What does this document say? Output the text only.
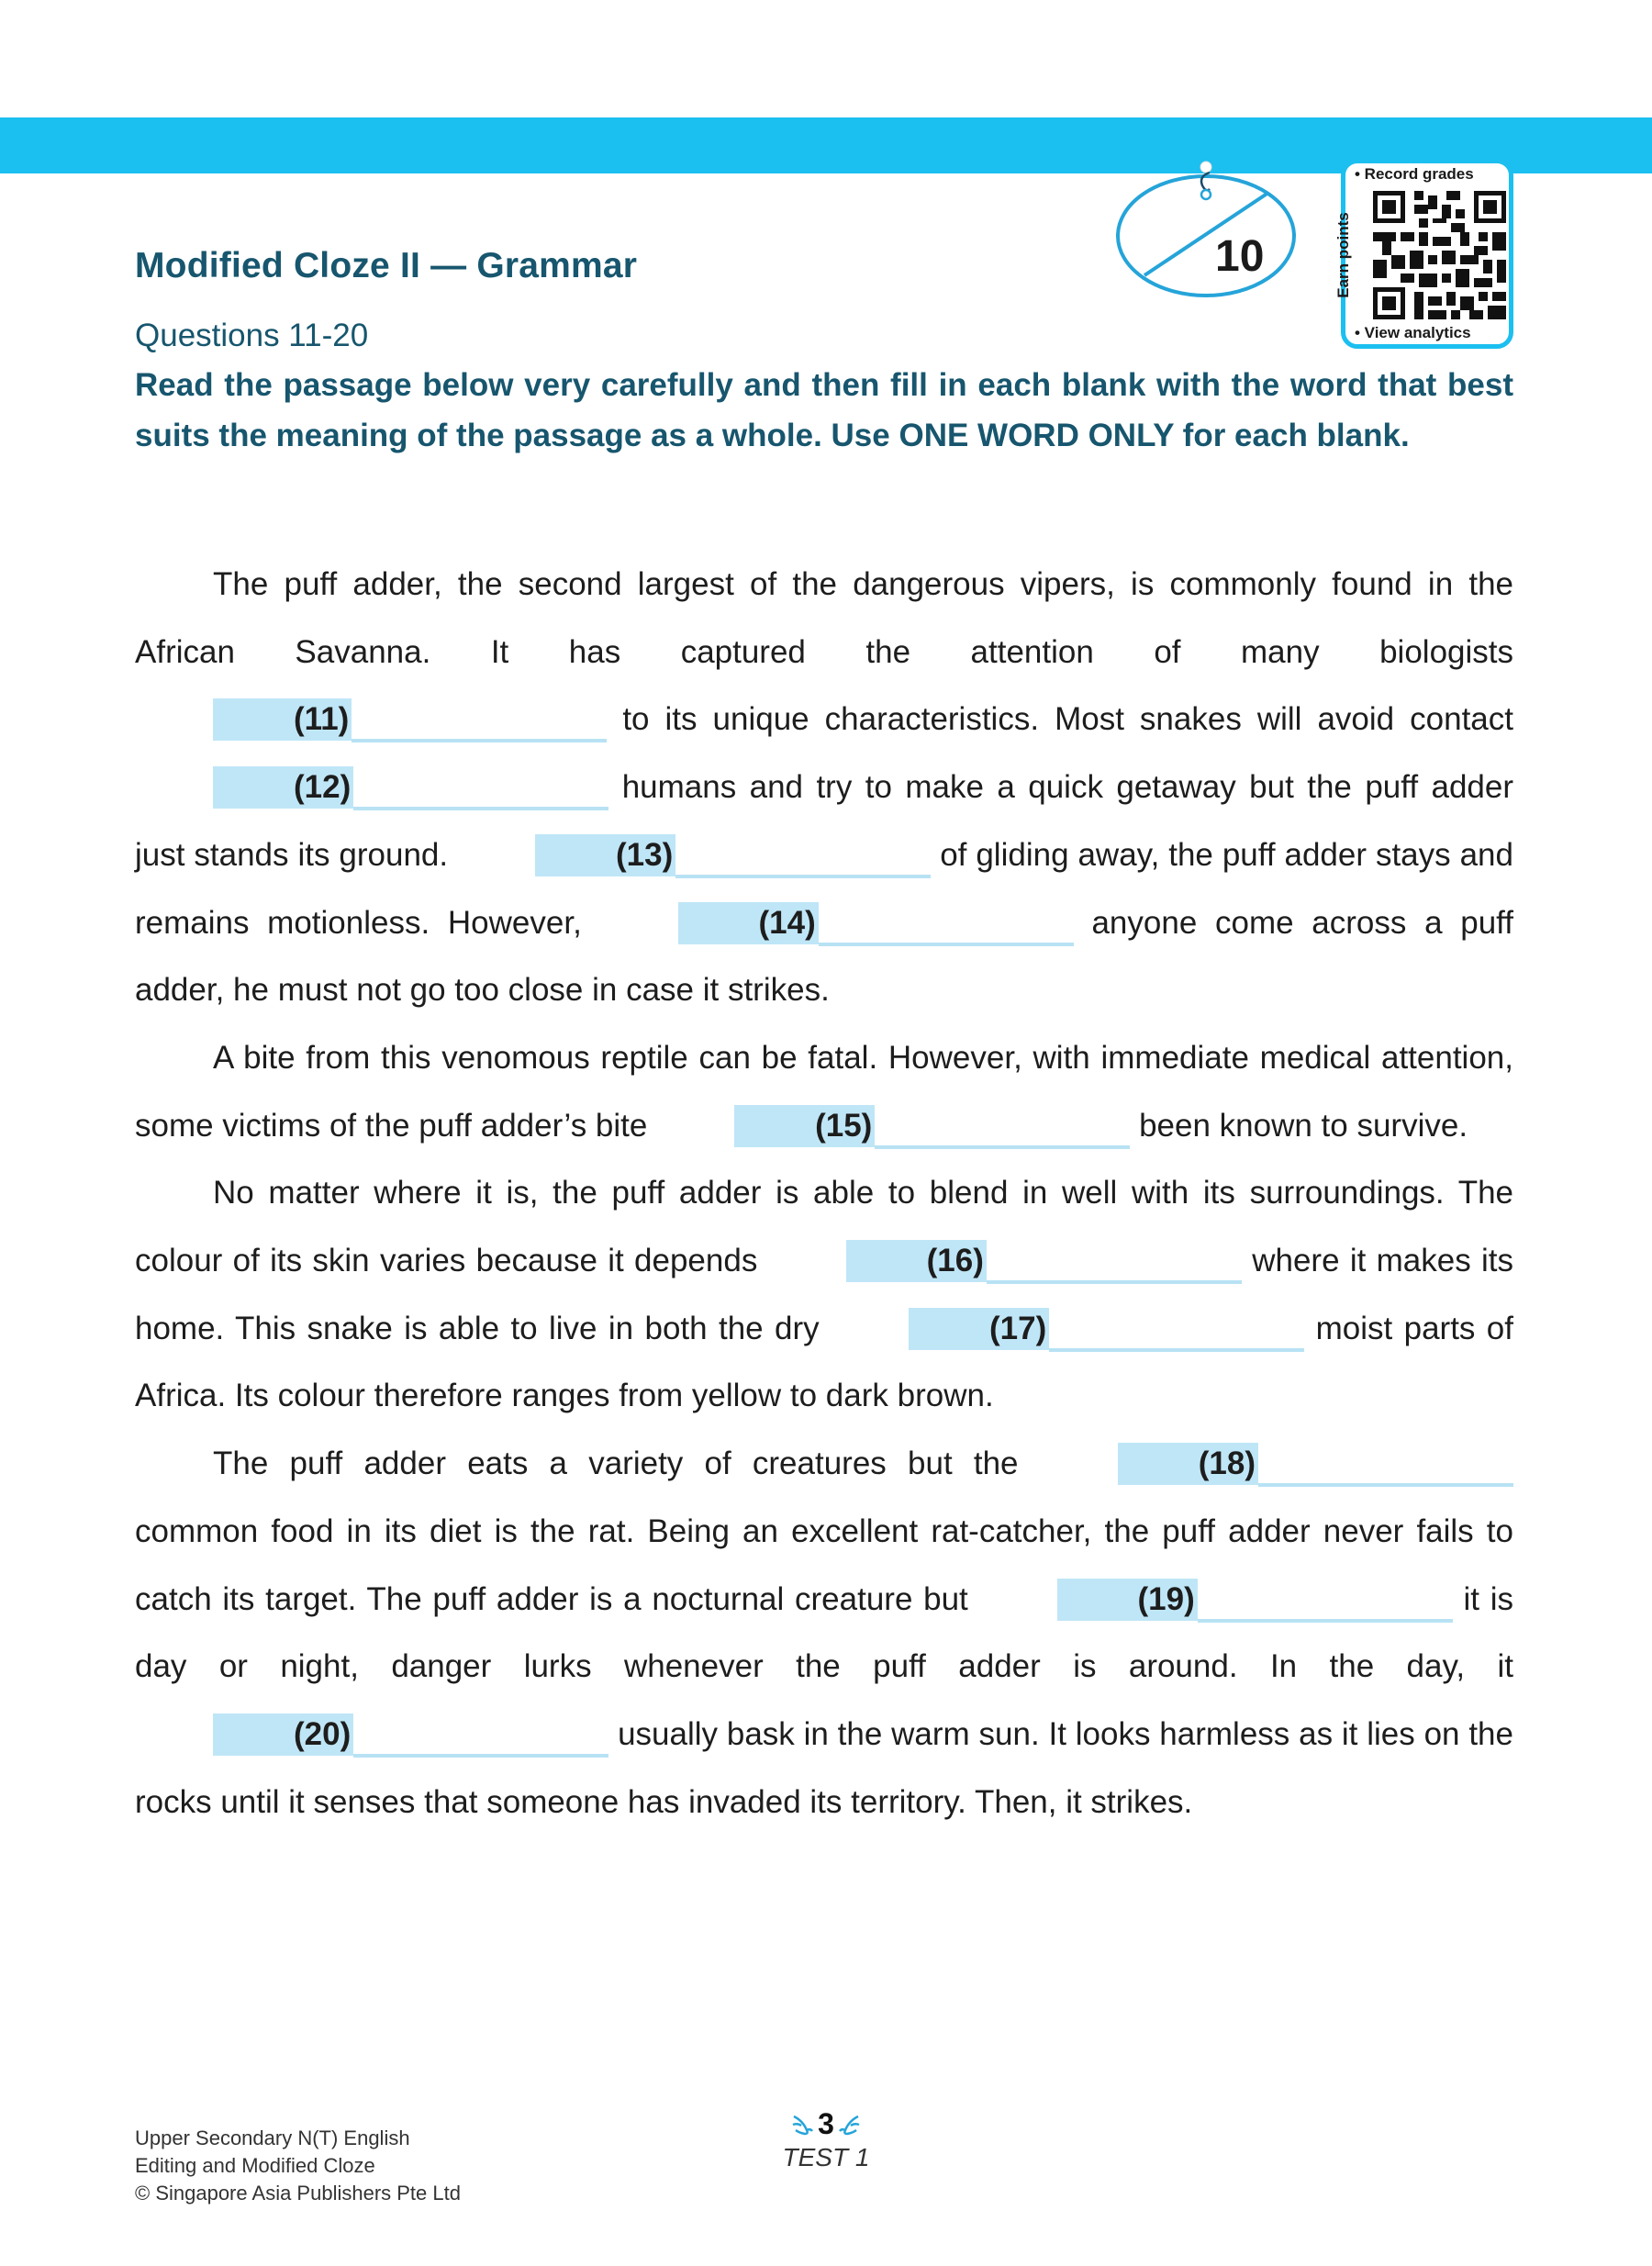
Modified Cloze II — Grammar
Questions 11-20
Read the passage below very carefully and then fill in each blank with the word that best suits the meaning of the passage as a whole. Use ONE WORD ONLY for each blank.
10
• Record grades
Earn points
• View analytics

The puff adder, the second largest of the dangerous vipers, is commonly found in the African Savanna. It has captured the attention of many biologists (11)	to its unique characteristics. Most snakes will avoid contact (12)	humans and try to make a quick getaway but the puff adder just stands its ground.	(13)	of gliding away, the puff adder stays and remains motionless. However,	(14)	anyone come across a puff adder, he must not go too close in case it strikes.

A bite from this venomous reptile can be fatal. However, with immediate medical attention, some victims of the puff adder’s bite	(15)	been known to survive.

No matter where it is, the puff adder is able to blend in well with its surroundings. The colour of its skin varies because it depends	(16)	where it makes its home. This snake is able to live in both the dry	(17)	moist parts of Africa. Its colour therefore ranges from yellow to dark brown.

The puff adder eats a variety of creatures but the	(18) common food in its diet is the rat. Being an excellent rat-catcher, the puff adder never fails to catch its target. The puff adder is a nocturnal creature but	(19)	it is day or night, danger lurks whenever the puff adder is around. In the day, it (20)	usually bask in the warm sun. It looks harmless as it lies on the rocks until it senses that someone has invaded its territory. Then, it strikes.

Upper Secondary N(T) English
Editing and Modified Cloze
© Singapore Asia Publishers Pte Ltd
3
TEST 1
